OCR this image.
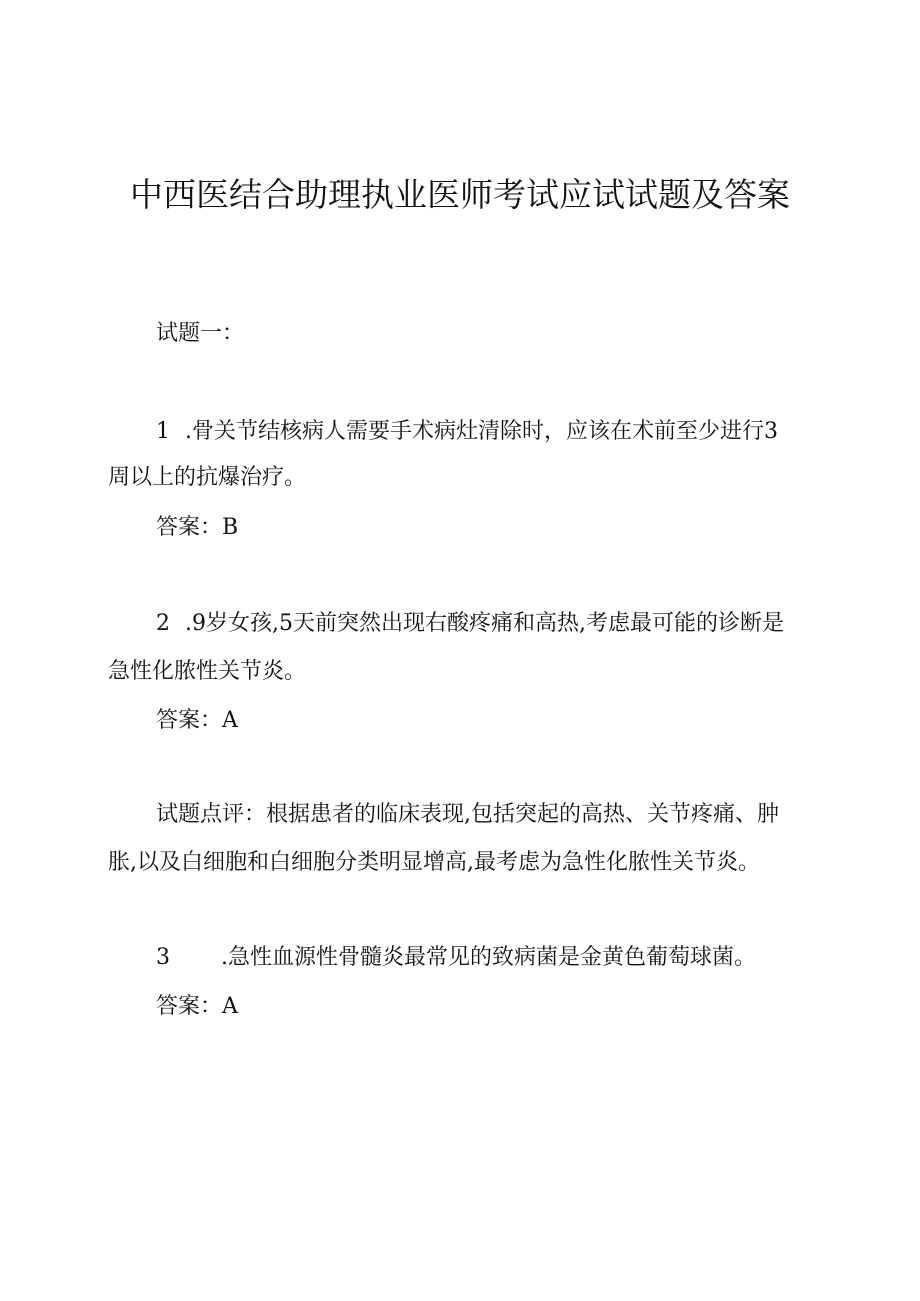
中西医结合助理执业医师考试应试试题及答案
试题一：
1 .骨关节结核病人需要手术病灶清除时，应该在术前至少进行3
周以上的抗爆治疗。
答案：B
2 .9岁女孩,5天前突然出现右酸疼痛和高热,考虑最可能的诊断是
急性化脓性关节炎。
答案：A
试题点评：根据患者的临床表现,包括突起的高热、关节疼痛、肿
胀,以及白细胞和白细胞分类明显增高,最考虑为急性化脓性关节炎。
3 .急性血源性骨髓炎最常见的致病菌是金黄色葡萄球菌。
答案：A
